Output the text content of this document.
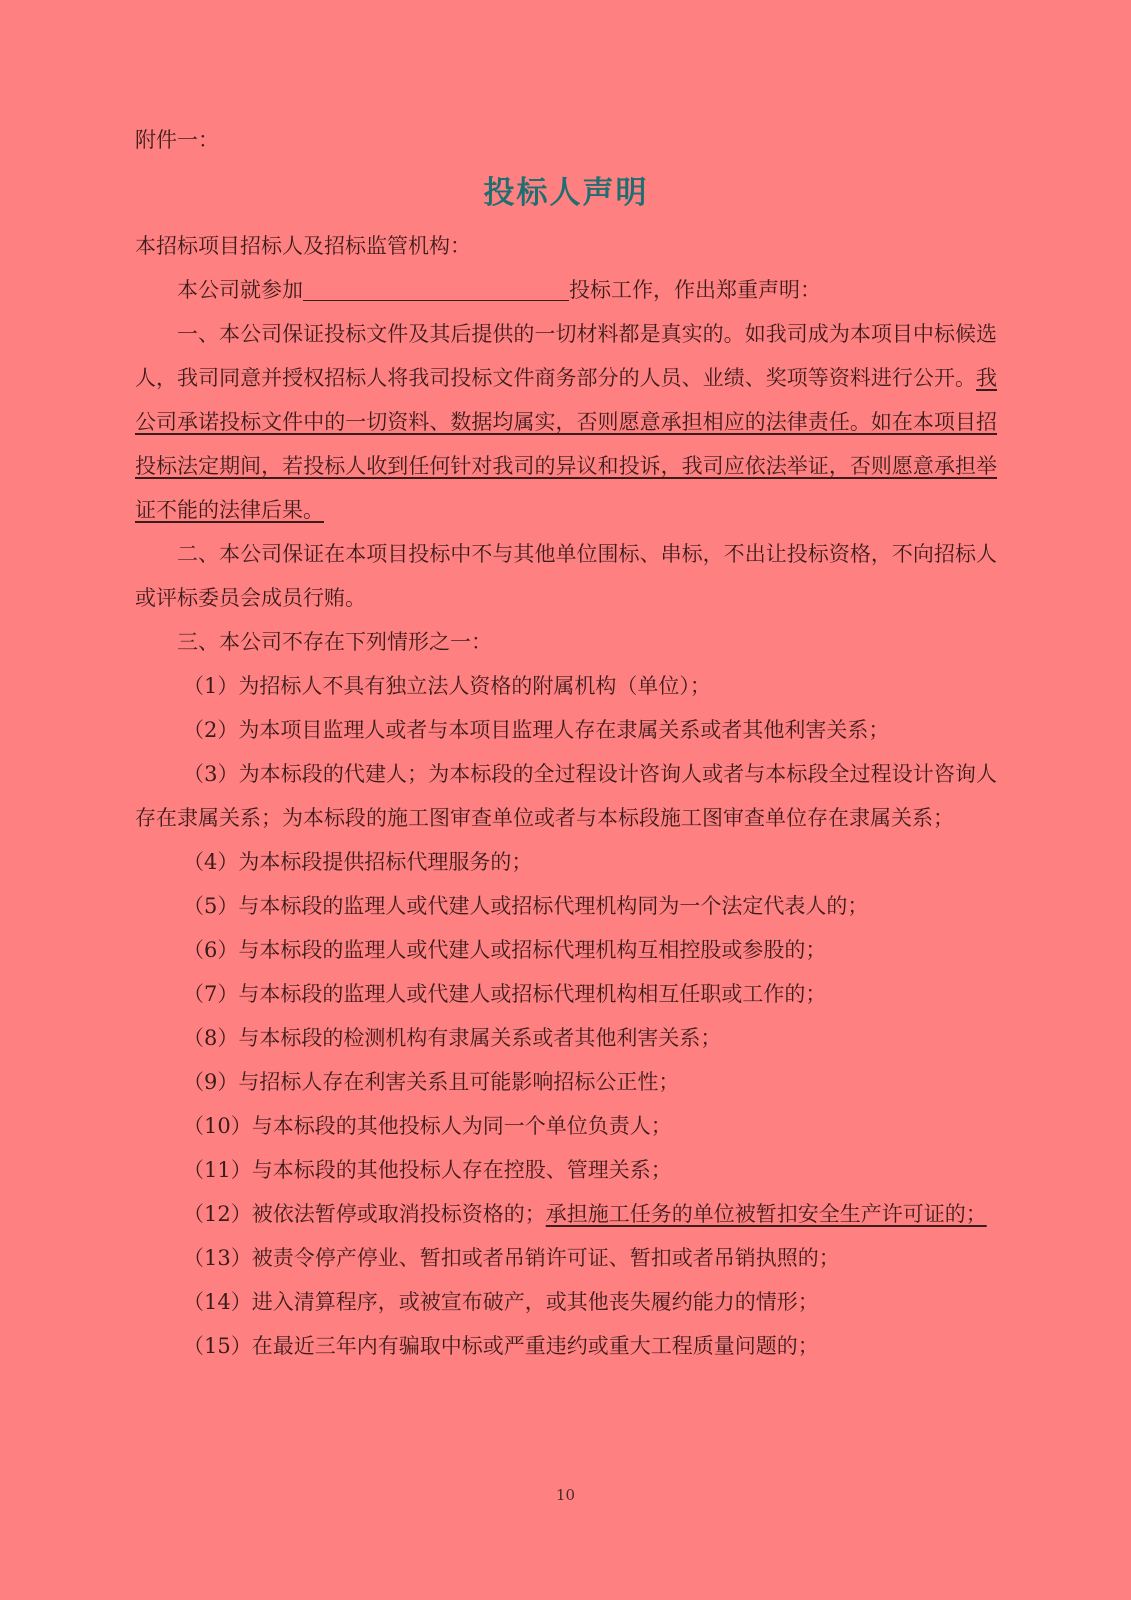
附件一：

投标人声明

本招标项目招标人及招标监管机构：

本公司就参加	投标工作，作出郑重声明：

一、本公司保证投标文件及其后提供的一切材料都是真实的。如我司成为本项目中标候选人，我司同意并授权招标人将我司投标文件商务部分的人员、业绩、奖项等资料进行公开。我公司承诺投标文件中的一切资料、数据均属实，否则愿意承担相应的法律责任。如在本项目招投标法定期间，若投标人收到任何针对我司的异议和投诉，我司应依法举证，否则愿意承担举证不能的法律后果。

二、本公司保证在本项目投标中不与其他单位围标、串标，不出让投标资格，不向招标人或评标委员会成员行贿。

三、本公司不存在下列情形之一：

（1）为招标人不具有独立法人资格的附属机构（单位）；

（2）为本项目监理人或者与本项目监理人存在隶属关系或者其他利害关系；

（3）为本标段的代建人；为本标段的全过程设计咨询人或者与本标段全过程设计咨询人存在隶属关系；为本标段的施工图审查单位或者与本标段施工图审查单位存在隶属关系；

（4）为本标段提供招标代理服务的；

（5）与本标段的监理人或代建人或招标代理机构同为一个法定代表人的；

（6）与本标段的监理人或代建人或招标代理机构互相控股或参股的；

（7）与本标段的监理人或代建人或招标代理机构相互任职或工作的；

（8）与本标段的检测机构有隶属关系或者其他利害关系；

（9）与招标人存在利害关系且可能影响招标公正性；

（10）与本标段的其他投标人为同一个单位负责人；

（11）与本标段的其他投标人存在控股、管理关系；

（12）被依法暂停或取消投标资格的；承担施工任务的单位被暂扣安全生产许可证的；

（13）被责令停产停业、暂扣或者吊销许可证、暂扣或者吊销执照的；

（14）进入清算程序，或被宣布破产，或其他丧失履约能力的情形；

（15）在最近三年内有骗取中标或严重违约或重大工程质量问题的；

10
